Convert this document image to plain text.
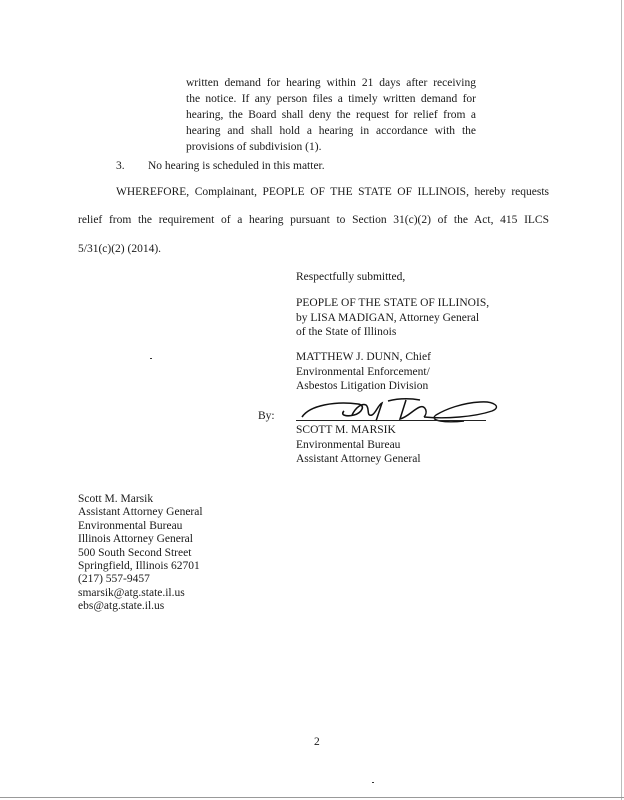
written demand for hearing within 21 days after receiving
the notice. If any person files a timely written demand for
hearing, the Board shall deny the request for relief from a
hearing and shall hold a hearing in accordance with the
provisions of subdivision (1).
3. No hearing is scheduled in this matter.
WHEREFORE, Complainant, PEOPLE OF THE STATE OF ILLINOIS, hereby requests
relief from the requirement of a hearing pursuant to Section 31(c)(2) of the Act, 415 ILCS
5/31(c)(2) (2014).
Respectfully submitted,
PEOPLE OF THE STATE OF ILLINOIS,
by LISA MADIGAN, Attorney General
of the State of Illinois
MATTHEW J. DUNN, Chief
Environmental Enforcement/
Asbestos Litigation Division
By:
SCOTT M. MARSIK
Environmental Bureau
Assistant Attorney General
Scott M. Marsik
Assistant Attorney General
Environmental Bureau
Illinois Attorney General
500 South Second Street
Springfield, Illinois 62701
(217) 557-9457
smarsik@atg.state.il.us
ebs@atg.state.il.us
2
